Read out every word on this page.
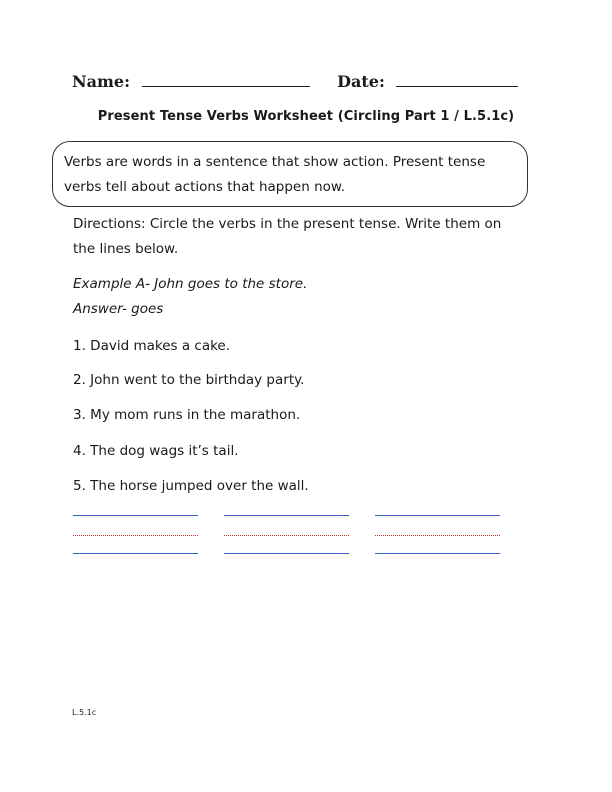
Name:	Date:
Present Tense Verbs Worksheet (Circling Part 1 / L.5.1c)
Verbs are words in a sentence that show action. Present tense
verbs tell about actions that happen now.
Directions: Circle the verbs in the present tense. Write them on
the lines below.
Example A- John goes to the store.
Answer- goes
1. David makes a cake.
2. John went to the birthday party.
3. My mom runs in the marathon.
4. The dog wags it’s tail.
5. The horse jumped over the wall.
L.5.1c
